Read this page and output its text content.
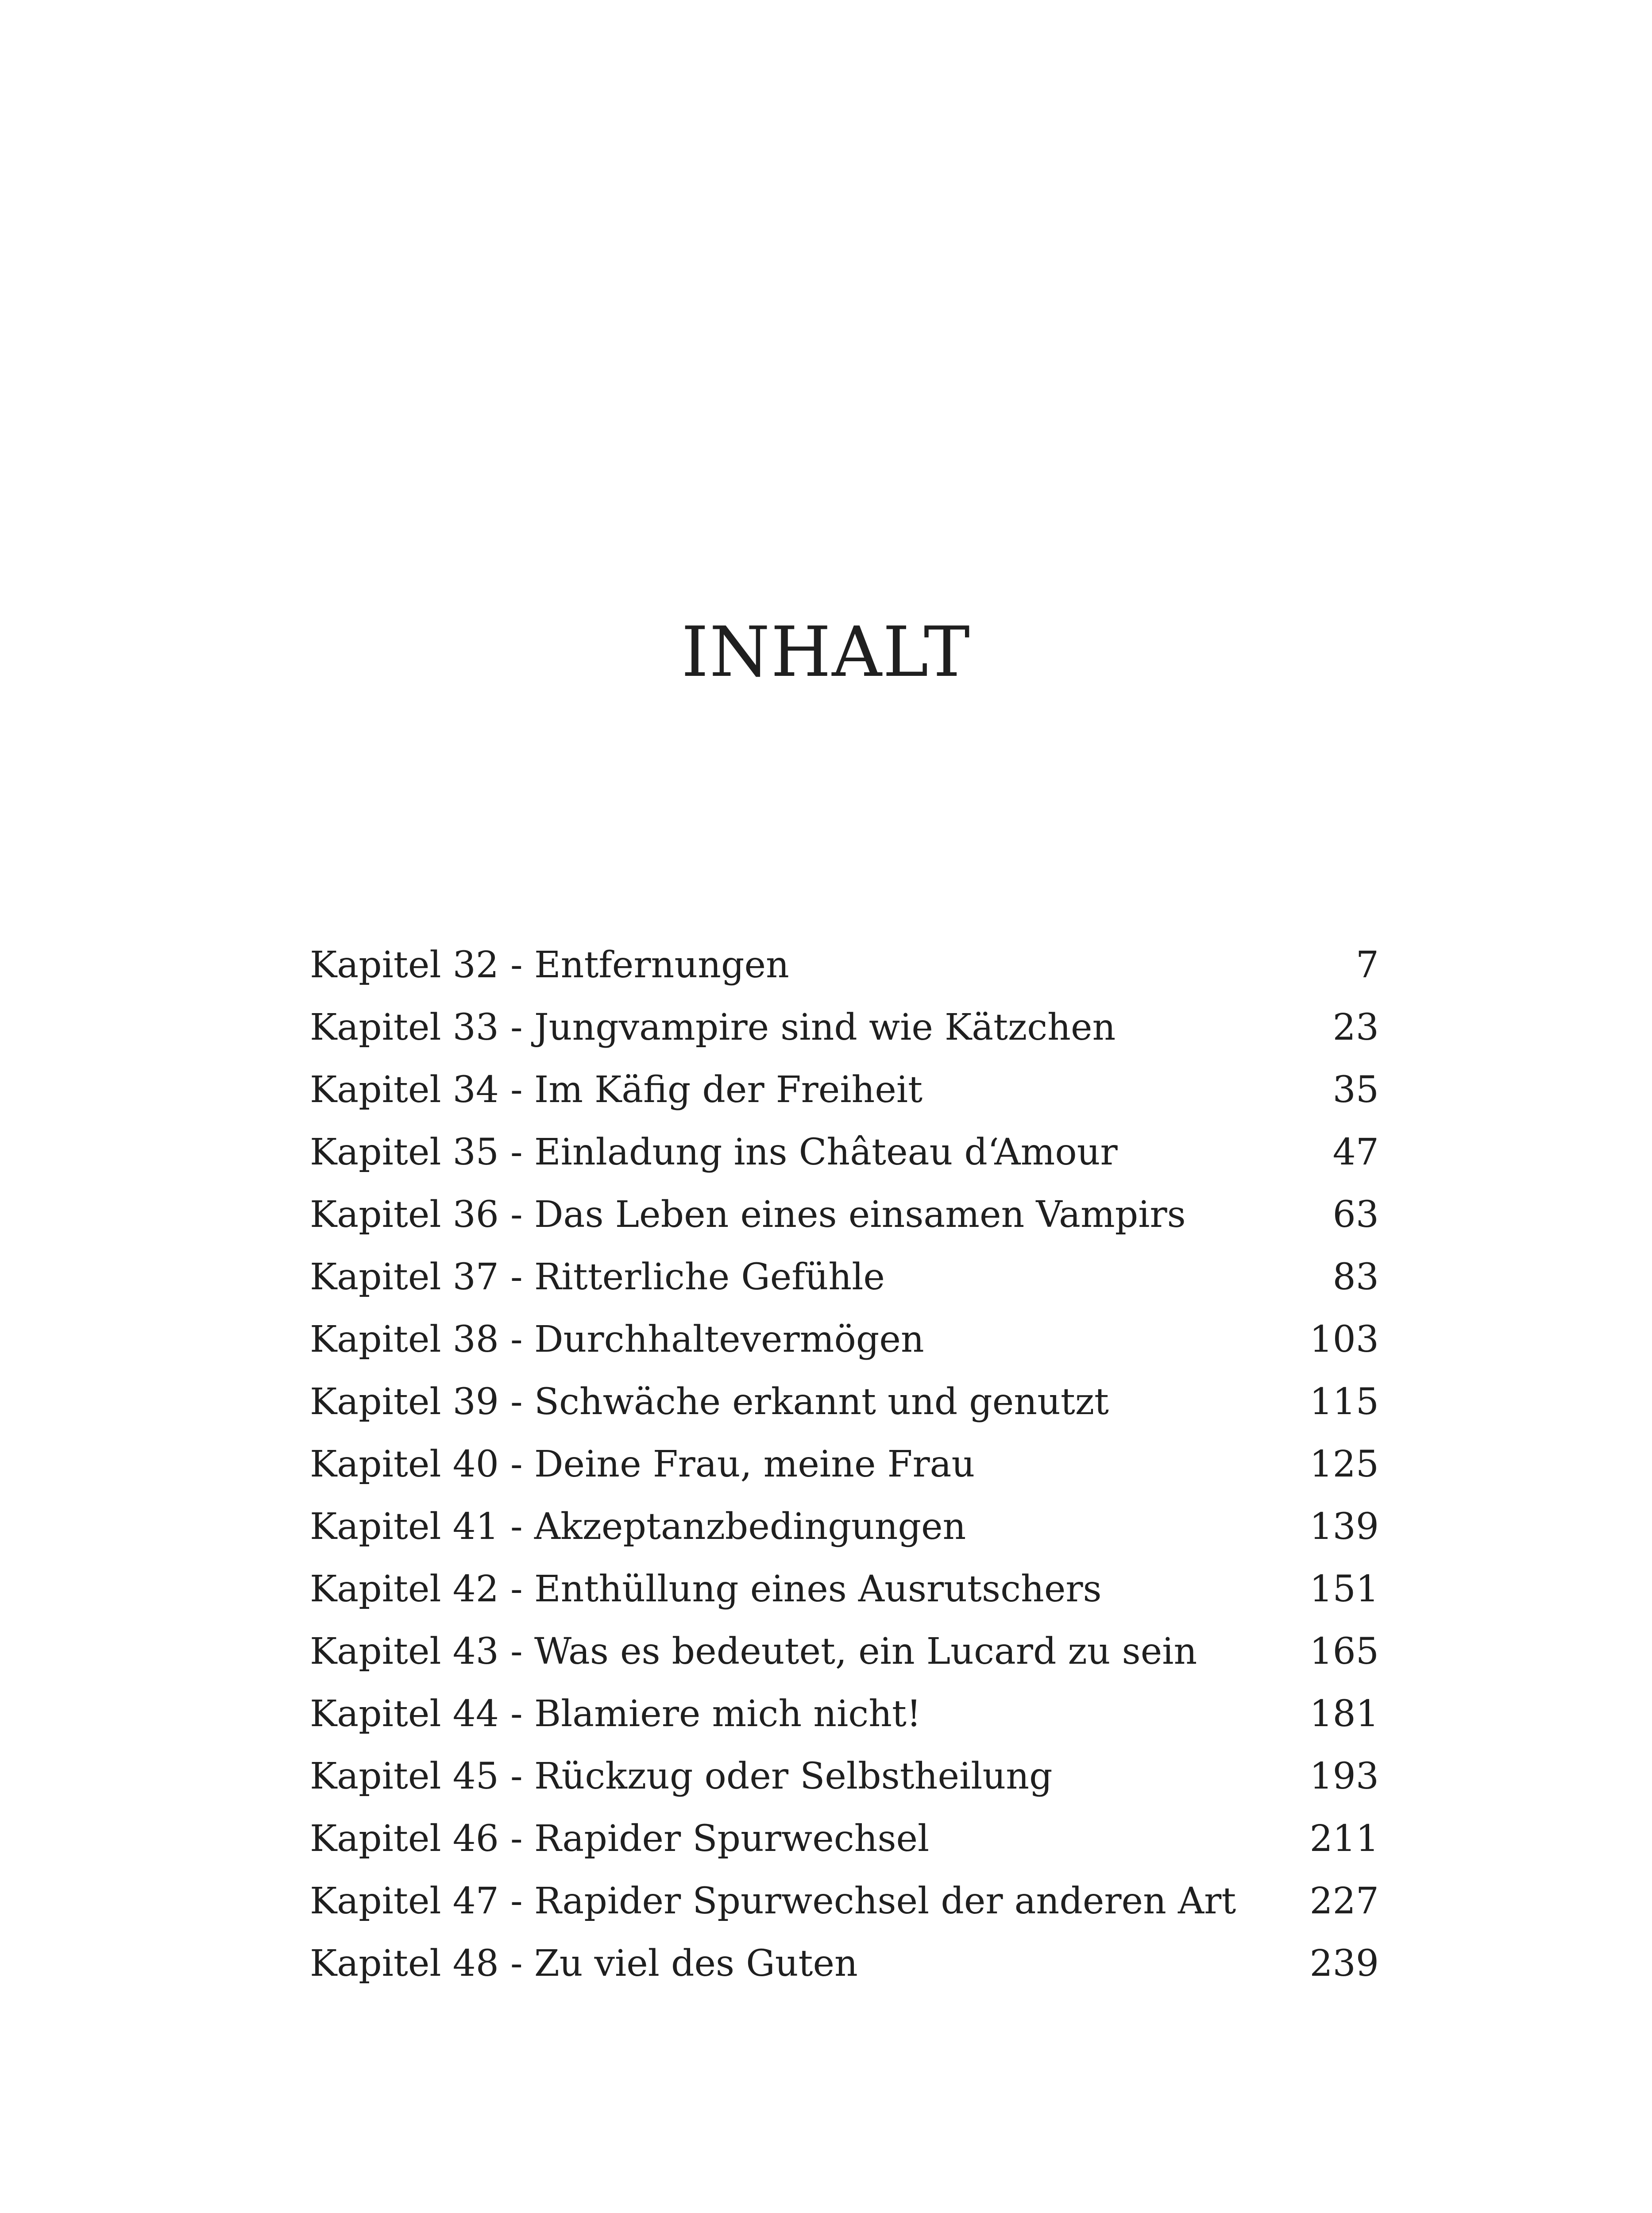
INHALT
Kapitel 32 - Entfernungen	7
Kapitel 33 - Jungvampire sind wie Kätzchen	23
Kapitel 34 - Im Käfig der Freiheit	35
Kapitel 35 - Einladung ins Château d‘Amour	47
Kapitel 36 - Das Leben eines einsamen Vampirs	63
Kapitel 37 - Ritterliche Gefühle	83
Kapitel 38 - Durchhaltevermögen	103
Kapitel 39 - Schwäche erkannt und genutzt	115
Kapitel 40 - Deine Frau, meine Frau	125
Kapitel 41 - Akzeptanzbedingungen	139
Kapitel 42 - Enthüllung eines Ausrutschers	151
Kapitel 43 - Was es bedeutet, ein Lucard zu sein	165
Kapitel 44 - Blamiere mich nicht!	181
Kapitel 45 - Rückzug oder Selbstheilung	193
Kapitel 46 - Rapider Spurwechsel	211
Kapitel 47 - Rapider Spurwechsel der anderen Art	227
Kapitel 48 - Zu viel des Guten	239
